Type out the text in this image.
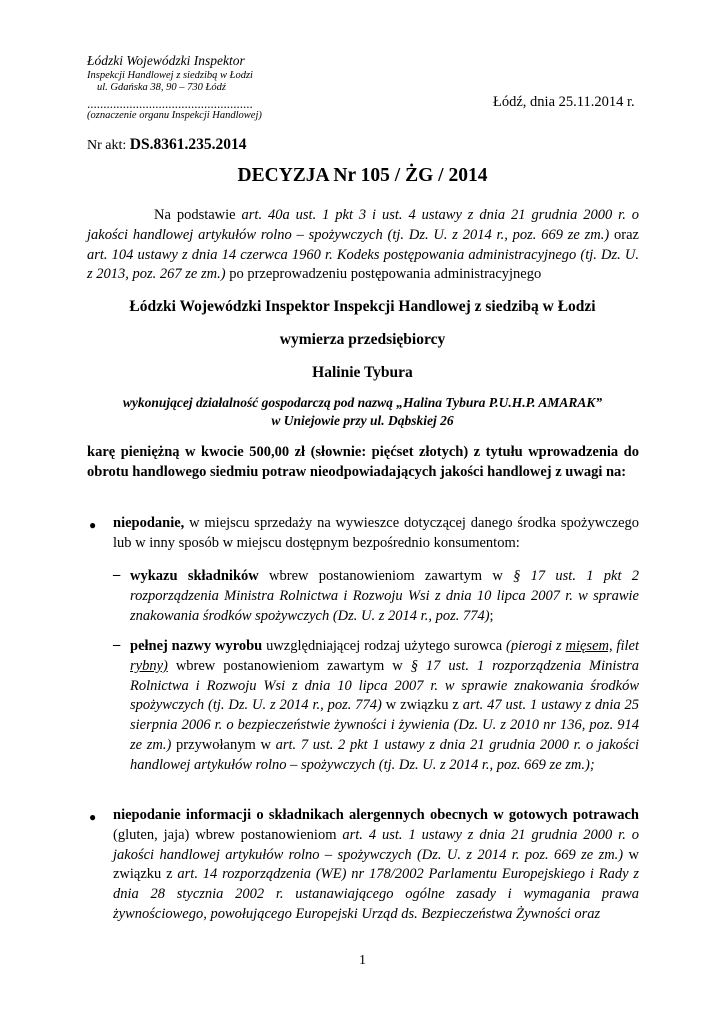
Łódzki Wojewódzki Inspektor
Inspekcji Handlowej z siedzibą w Łodzi
ul. Gdańska 38, 90 – 730 Łódź
...................................................
(oznaczenie organu Inspekcji Handlowej)
Łódź, dnia 25.11.2014 r.
Nr akt: DS.8361.235.2014
DECYZJA Nr 105 / ŻG / 2014
Na podstawie art. 40a ust. 1 pkt 3 i ust. 4 ustawy z dnia 21 grudnia 2000 r. o jakości handlowej artykułów rolno – spożywczych (tj. Dz. U. z 2014 r., poz. 669 ze zm.) oraz art. 104 ustawy z dnia 14 czerwca 1960 r. Kodeks postępowania administracyjnego (tj. Dz. U. z 2013, poz. 267 ze zm.) po przeprowadzeniu postępowania administracyjnego
Łódzki Wojewódzki Inspektor Inspekcji Handlowej z siedzibą w Łodzi
wymierza przedsiębiorcy
Halinie Tybura
wykonującej działalność gospodarczą pod nazwą „Halina Tybura P.U.H.P. AMARAK”
w Uniejowie przy ul. Dąbskiej 26
karę pieniężną w kwocie 500,00 zł (słownie: pięćset złotych) z tytułu wprowadzenia do obrotu handlowego siedmiu potraw nieodpowiadających jakości handlowej z uwagi na:
● niepodanie, w miejscu sprzedaży na wywieszce dotyczącej danego środka spożywczego lub w inny sposób w miejscu dostępnym bezpośrednio konsumentom:
– wykazu składników wbrew postanowieniom zawartym w § 17 ust. 1 pkt 2 rozporządzenia Ministra Rolnictwa i Rozwoju Wsi z dnia 10 lipca 2007 r. w sprawie znakowania środków spożywczych (Dz. U. z 2014 r., poz. 774);
– pełnej nazwy wyrobu uwzględniającej rodzaj użytego surowca (pierogi z mięsem, filet rybny) wbrew postanowieniom zawartym w § 17 ust. 1 rozporządzenia Ministra Rolnictwa i Rozwoju Wsi z dnia 10 lipca 2007 r. w sprawie znakowania środków spożywczych (tj. Dz. U. z 2014 r., poz. 774) w związku z art. 47 ust. 1 ustawy z dnia 25 sierpnia 2006 r. o bezpieczeństwie żywności i żywienia (Dz. U. z 2010 nr 136, poz. 914 ze zm.) przywołanym w art. 7 ust. 2 pkt 1 ustawy z dnia 21 grudnia 2000 r. o jakości handlowej artykułów rolno – spożywczych (tj. Dz. U. z 2014 r., poz. 669 ze zm.);
● niepodanie informacji o składnikach alergennych obecnych w gotowych potrawach (gluten, jaja) wbrew postanowieniom art. 4 ust. 1 ustawy z dnia 21 grudnia 2000 r. o jakości handlowej artykułów rolno – spożywczych (Dz. U. z 2014 r. poz. 669 ze zm.) w związku z art. 14 rozporządzenia (WE) nr 178/2002 Parlamentu Europejskiego i Rady z dnia 28 stycznia 2002 r. ustanawiającego ogólne zasady i wymagania prawa żywnościowego, powołującego Europejski Urząd ds. Bezpieczeństwa Żywności oraz
1
